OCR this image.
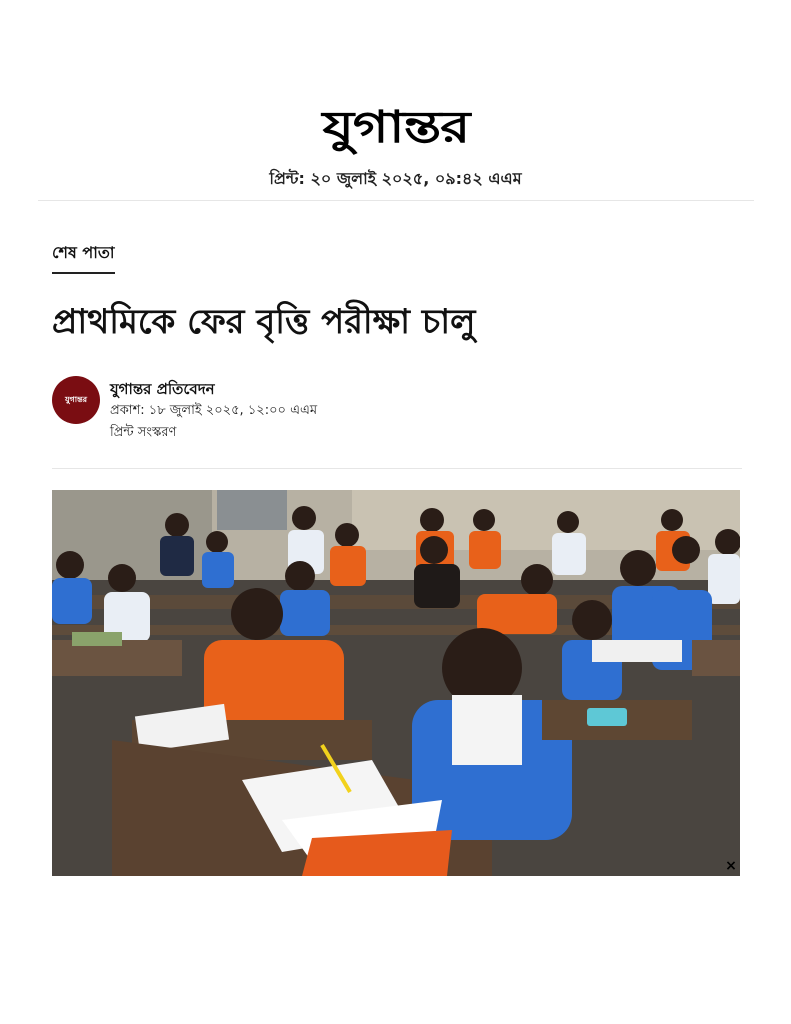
যুগান্তর
প্রিন্ট: ২০ জুলাই ২০২৫, ০৯:৪২ এএম
শেষ পাতা
প্রাথমিকে ফের বৃত্তি পরীক্ষা চালু
যুগান্তর
যুগান্তর প্রতিবেদন
প্রকাশ: ১৮ জুলাই ২০২৫, ১২:০০ এএম
প্রিন্ট সংস্করণ
×
